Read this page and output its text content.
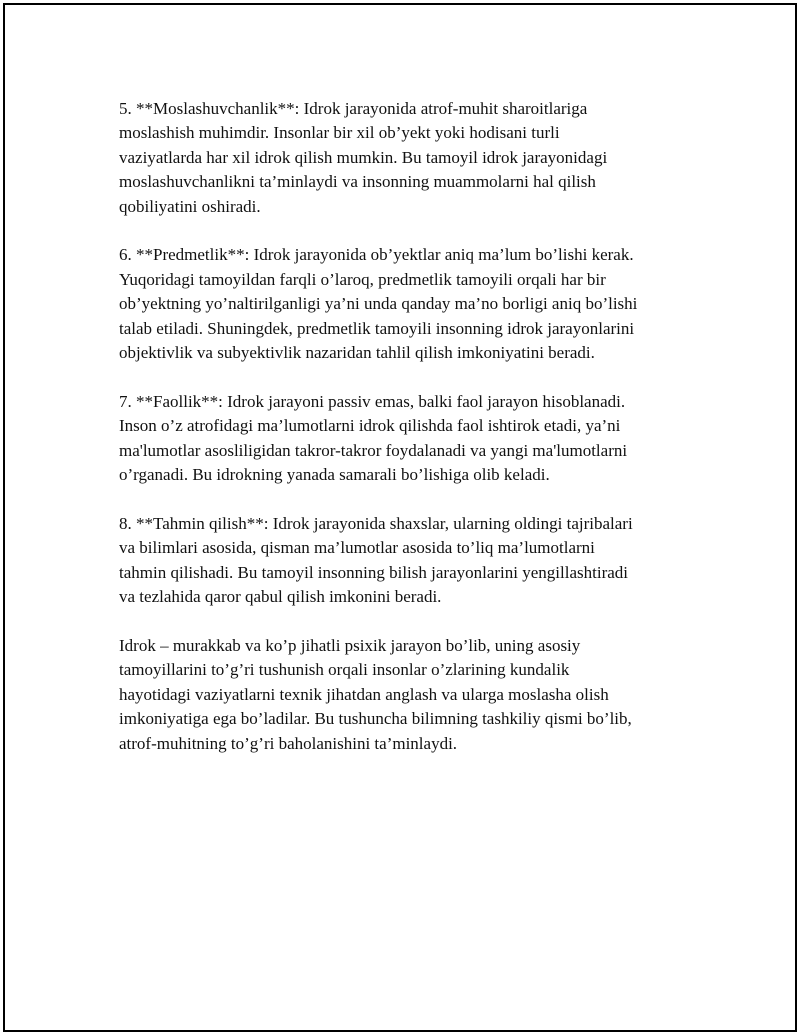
5. **Moslashuvchanlik**: Idrok jarayonida atrof-muhit sharoitlariga
moslashish muhimdir. Insonlar bir xil ob’yekt yoki hodisani turli
vaziyatlarda har xil idrok qilish mumkin. Bu tamoyil idrok jarayonidagi
moslashuvchanlikni ta’minlaydi va insonning muammolarni hal qilish
qobiliyatini oshiradi.

6. **Predmetlik**: Idrok jarayonida ob’yektlar aniq ma’lum bo’lishi kerak.
Yuqoridagi tamoyildan farqli o’laroq, predmetlik tamoyili orqali har bir
ob’yektning yo’naltirilganligi ya’ni unda qanday ma’no borligi aniq bo’lishi
talab etiladi. Shuningdek, predmetlik tamoyili insonning idrok jarayonlarini
objektivlik va subyektivlik nazaridan tahlil qilish imkoniyatini beradi.

7. **Faollik**: Idrok jarayoni passiv emas, balki faol jarayon hisoblanadi.
Inson o’z atrofidagi ma’lumotlarni idrok qilishda faol ishtirok etadi, ya’ni
ma'lumotlar asosliligidan takror-takror foydalanadi va yangi ma'lumotlarni
o’rganadi. Bu idrokning yanada samarali bo’lishiga olib keladi.

8. **Tahmin qilish**: Idrok jarayonida shaxslar, ularning oldingi tajribalari
va bilimlari asosida, qisman ma’lumotlar asosida to’liq ma’lumotlarni
tahmin qilishadi. Bu tamoyil insonning bilish jarayonlarini yengillashtiradi
va tezlahida qaror qabul qilish imkonini beradi.

Idrok – murakkab va ko’p jihatli psixik jarayon bo’lib, uning asosiy
tamoyillarini to’g’ri tushunish orqali insonlar o’zlarining kundalik
hayotidagi vaziyatlarni texnik jihatdan anglash va ularga moslasha olish
imkoniyatiga ega bo’ladilar. Bu tushuncha bilimning tashkiliy qismi bo’lib,
atrof-muhitning to’g’ri baholanishini ta’minlaydi.
